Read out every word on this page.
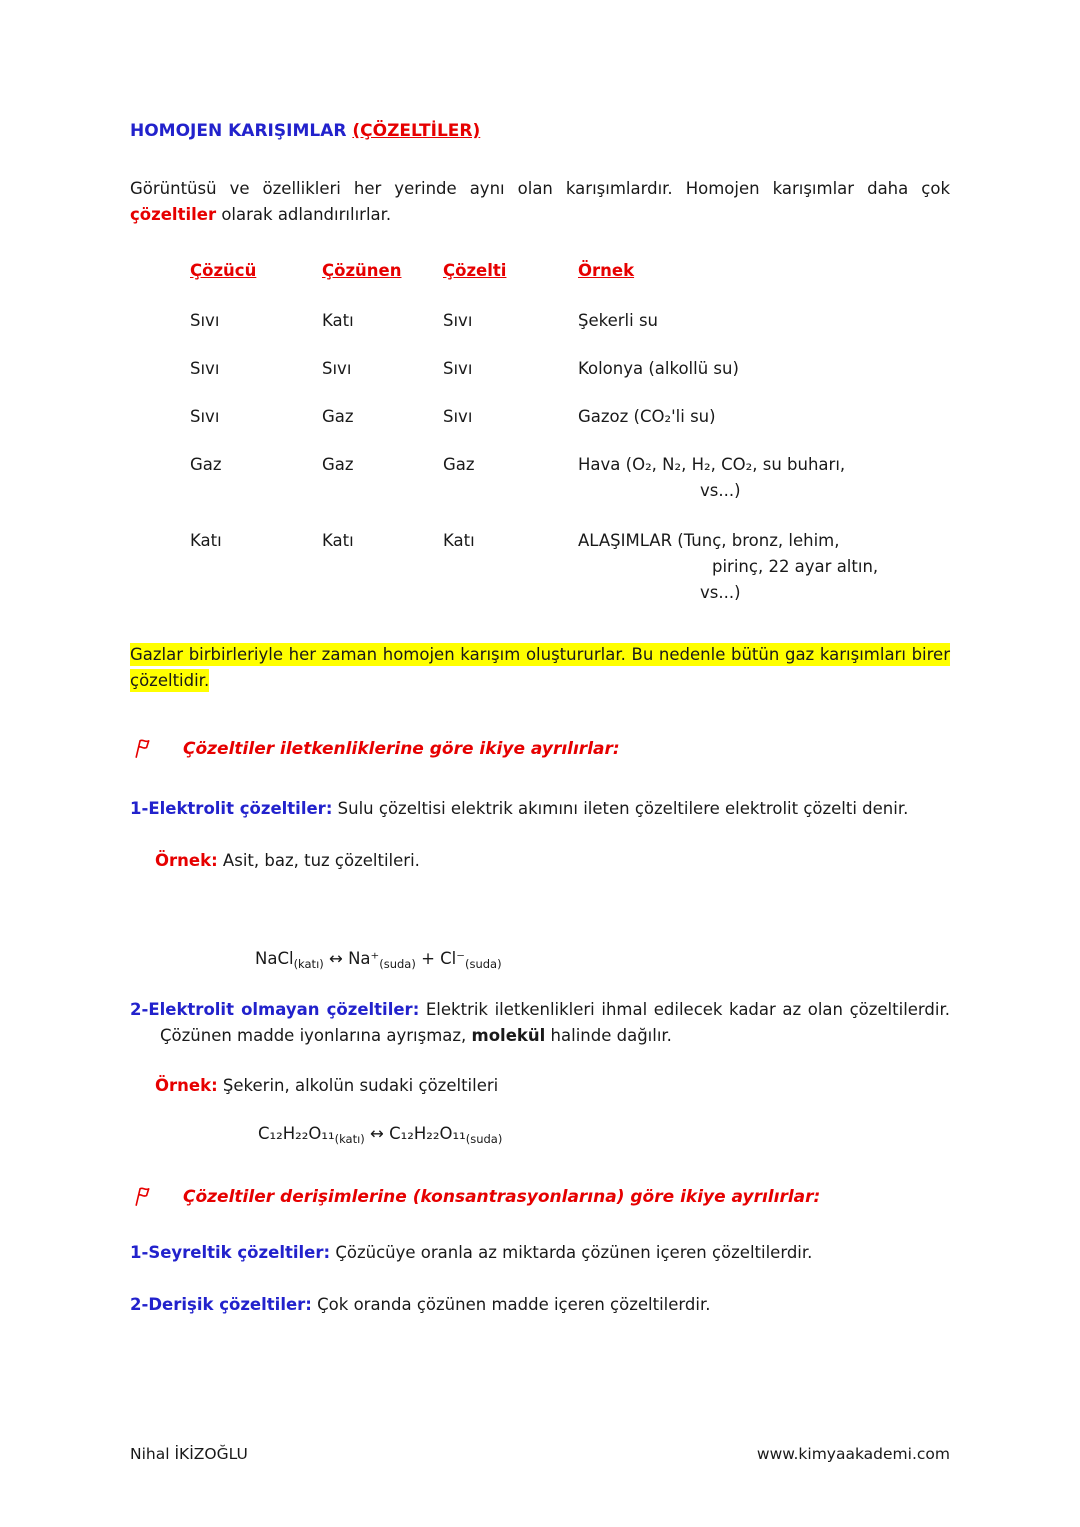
HOMOJEN KARIŞIMLAR (ÇÖZELTİLER)

Görüntüsü ve özellikleri her yerinde aynı olan karışımlardır. Homojen karışımlar daha çok çözeltiler olarak adlandırılırlar.

Çözücü	Çözünen	Çözelti	Örnek
Sıvı	Katı	Sıvı	Şekerli su
Sıvı	Sıvı	Sıvı	Kolonya (alkollü su)
Sıvı	Gaz	Sıvı	Gazoz (CO₂'li su)
Gaz	Gaz	Gaz	Hava (O₂, N₂, H₂, CO₂, su buharı,
vs...)
Katı	Katı	Katı	ALAŞIMLAR (Tunç, bronz, lehim,
pirinç, 22 ayar altın,
vs...)

Gazlar birbirleriyle her zaman homojen karışım oluştururlar. Bu nedenle bütün gaz karışımları birer çözeltidir.

Çözeltiler iletkenliklerine göre ikiye ayrılırlar:

1-Elektrolit çözeltiler: Sulu çözeltisi elektrik akımını ileten çözeltilere elektrolit çözelti denir.

Örnek: Asit, baz, tuz çözeltileri.

NaCl$_{(katı)}$ ↔ $Na^+_{(suda)} + Cl^-_{(suda)}$

2-Elektrolit olmayan çözeltiler: Elektrik iletkenlikleri ihmal edilecek kadar az olan çözeltilerdir. Çözünen madde iyonlarına ayrışmaz, molekül halinde dağılır.

Örnek: Şekerin, alkolün sudaki çözeltileri

$C_{12}H_{22}O_{11}_{(katı)}$ ↔ $C_{12}H_{22}O_{11}_{(suda)}$

Çözeltiler derişimlerine (konsantrasyonlarına) göre ikiye ayrılırlar:

1-Seyreltik çözeltiler: Çözücüye oranla az miktarda çözünen içeren çözeltilerdir.

2-Derişik çözeltiler: Çok oranda çözünen madde içeren çözeltilerdir.

Nihal İKİZOĞLU	www.kimyaakademi.com
